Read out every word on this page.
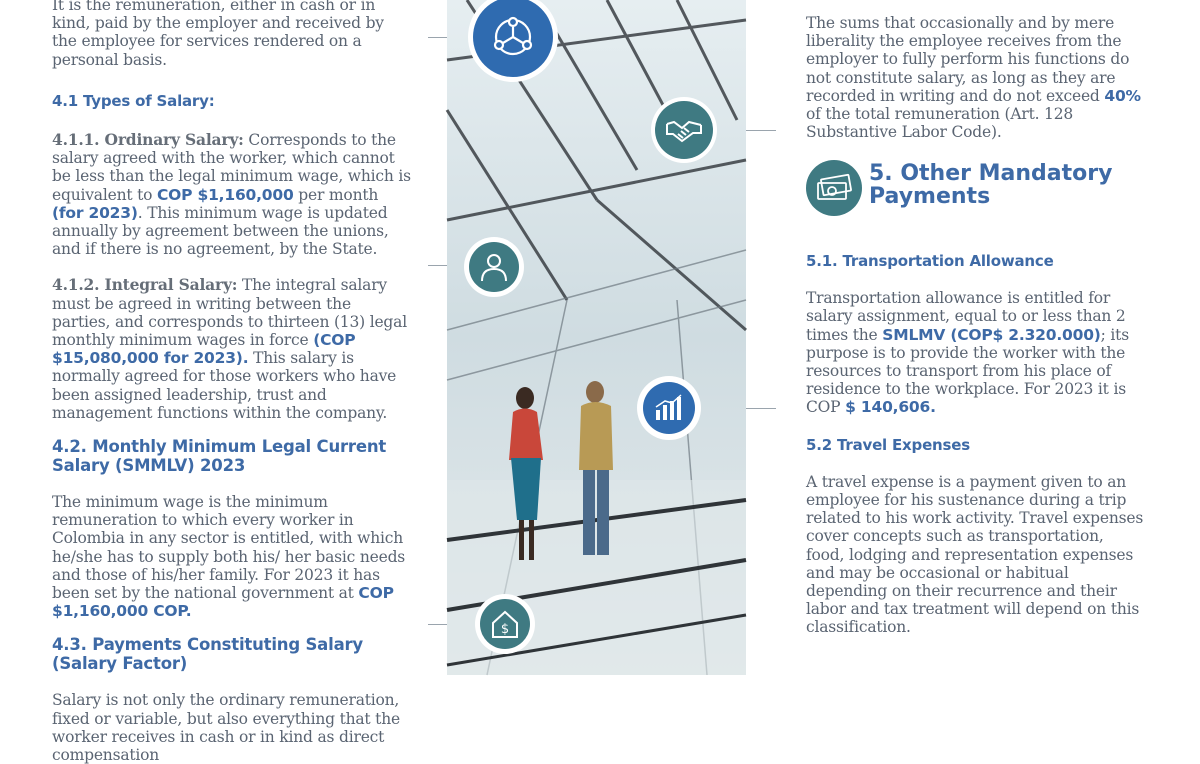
It is the remuneration, either in cash or in kind, paid by the employer and received by the employee for services rendered on a personal basis.

4.1 Types of Salary:

4.1.1. Ordinary Salary: Corresponds to the salary agreed with the worker, which cannot be less than the legal minimum wage, which is equivalent to COP $1,160,000 per month (for 2023). This minimum wage is updated annually by agreement between the unions, and if there is no agreement, by the State.

4.1.2. Integral Salary: The integral salary must be agreed in writing between the parties, and corresponds to thirteen (13) legal monthly minimum wages in force (COP $15,080,000 for 2023). This salary is normally agreed for those workers who have been assigned leadership, trust and management functions within the company.

4.2. Monthly Minimum Legal Current Salary (SMMLV) 2023

The minimum wage is the minimum remuneration to which every worker in Colombia in any sector is entitled, with which he/she has to supply both his/ her basic needs and those of his/her family. For 2023 it has been set by the national government at COP $1,160,000 COP.

4.3. Payments Constituting Salary (Salary Factor)

Salary is not only the ordinary remuneration, fixed or variable, but also everything that the worker receives in cash or in kind as direct compensation

$

The sums that occasionally and by mere liberality the employee receives from the employer to fully perform his functions do not constitute salary, as long as they are recorded in writing and do not exceed 40% of the total remuneration (Art. 128 Substantive Labor Code).

5. Other Mandatory Payments

5.1. Transportation Allowance

Transportation allowance is entitled for salary assignment, equal to or less than 2 times the SMLMV (COP$ 2.320.000); its purpose is to provide the worker with the resources to transport from his place of residence to the workplace. For 2023 it is COP $ 140,606.

5.2 Travel Expenses

A travel expense is a payment given to an employee for his sustenance during a trip related to his work activity. Travel expenses cover concepts such as transportation, food, lodging and representation expenses and may be occasional or habitual depending on their recurrence and their labor and tax treatment will depend on this classification.
